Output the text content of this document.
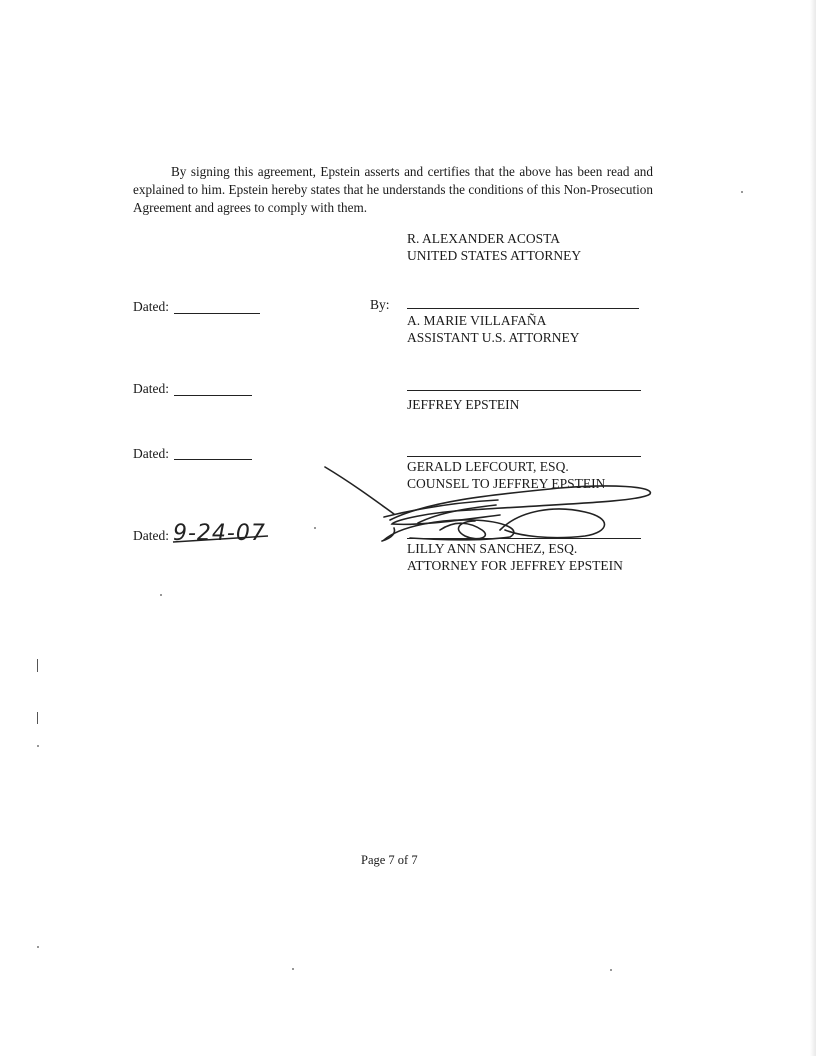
By signing this agreement, Epstein asserts and certifies that the above has been read and explained to him. Epstein hereby states that he understands the conditions of this Non-Prosecution Agreement and agrees to comply with them.

R. ALEXANDER ACOSTA
UNITED STATES ATTORNEY
Dated:	By:
A. MARIE VILLAFAÑA
ASSISTANT U.S. ATTORNEY
Dated:
JEFFREY EPSTEIN
Dated:
GERALD LEFCOURT, ESQ.
COUNSEL TO JEFFREY EPSTEIN
Dated:
LILLY ANN SANCHEZ, ESQ.
ATTORNEY FOR JEFFREY EPSTEIN
9-24-07
Page 7 of 7
